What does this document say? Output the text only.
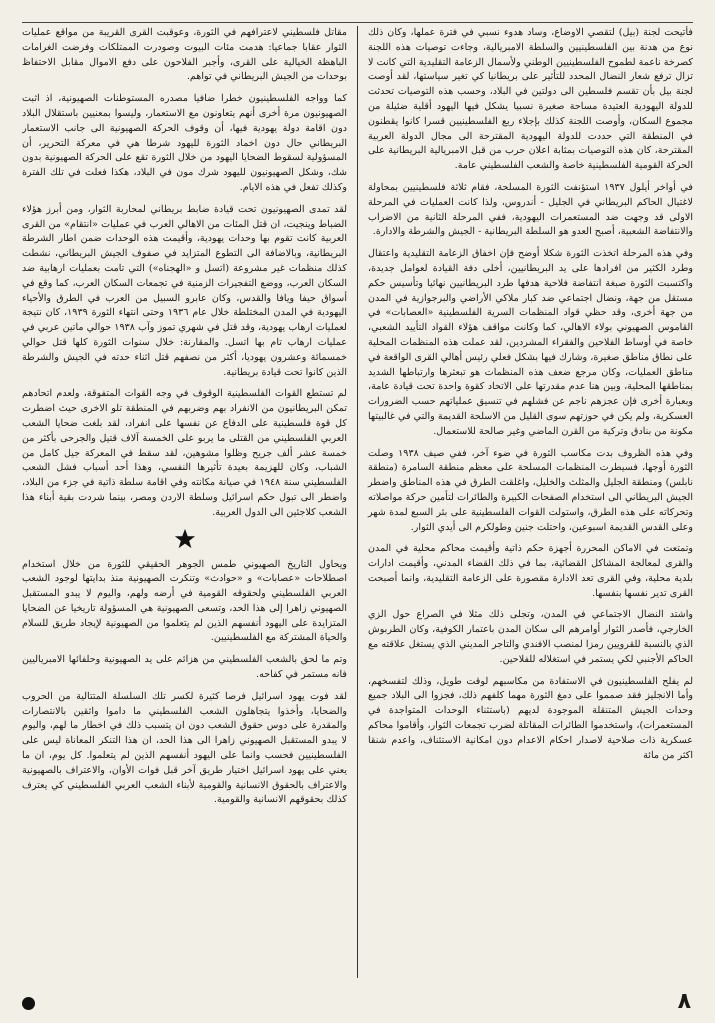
فأتيحت لجنة (بيل) لتقصي الاوضاع، وساد هدوء نسبي في فترة عملها، وكان ذلك نوع من هدنة بين الفلسطينيين والسلطة الامبريالية، وجاءت توصيات هذه اللجنة كصرخة ناعمة لطموح الفلسطينيين الوطني ولأسمال الزعامة التقليدية التي كانت لا تزال ترفع شعار النضال المحدد للتأثير على بريطانيا كي تغير سياستها، لقد أوصت لجنة بيل بأن تقسم فلسطين الى دولتين في البلاد، وحسب هذه التوصيات تحدثت للدولة اليهودية العتيدة مساحة صغيرة نسبيا يشكل فيها اليهود أقلية ضئيلة من مجموع السكان، وأوصت اللجنة كذلك بإجلاء ربع الفلسطينيين قسرا كانوا يقطنون في المنطقة التي حددت للدولة اليهودية المقترحة الى مجال الدولة العربية المقترحة، كان هذه التوصيات بمثابة اعلان حرب من قبل الامبريالية البريطانية على الحركة القومية الفلسطينية خاصة والشعب الفلسطيني عامة.

في أواخر أيلول ١٩٣٧ استؤنفت الثورة المسلحة، فقام ثلاثة فلسطينيين بمحاولة لاغتيال الحاكم البريطاني في الجليل - أندروس، ولذا كانت العمليات في المرحلة الاولى قد وجهت ضد المستعمرات اليهودية، ففي المرحلة الثانية من الاضراب والانتفاضة الشعبية، أصبح العدو هو السلطة البريطانية - الجيش والشرطة والادارة.

وفي هذه المرحلة اتخذت الثورة شكلا أوضح فإن اخفاق الزعامة التقليدية واعتقال وطرد الكثير من افرادها على يد البريطانيين، أخلى دفة القيادة لعوامل جديدة، واكتسبت الثورة صبغة انتفاضة فلاحية هدفها طرد البريطانيين نهائيا وتأسيس حكم مستقل من جهة، ونضال اجتماعي ضد كبار ملاكي الأراضي والبرجوازية في المدن من جهة أخرى، وقد حظي قواد المنظمات السرية الفلسطينية «العصابات» في القاموس الصهيوني بولاء الاهالي، كما وكانت مواقف هؤلاء القواد التأييد الشعبي، خاصة في أوساط الفلاحين والفقراء المشردين، لقد عملت هذه المنظمات المحلية على نطاق مناطق صغيرة، وشارك فيها بشكل فعلي رئيس أهالي القرى الواقعة في مناطق العمليات، وكان مرجع ضعف هذه المنظمات هو تبعثرها وارتباطها الشديد بمناطقها المحلية، وبين هنا عدم مقدرتها على الاتحاد كقوة واحدة تحت قيادة عامة، وبعبارة أخرى فإن عجزهم ناجم عن فشلهم في تنسيق عملياتهم حسب الضرورات العسكرية، ولم يكن في حوزتهم سوى القليل من الاسلحة القديمة والتي في غالبيتها مكونة من بنادق وتركية من القرن الماضي وغير صالحة للاستعمال.

وفي هذه الظروف بدت مكاسب الثورة في ضوء آخر، ففي صيف ١٩٣٨ وصلت الثورة أوجها، فسيطرت المنظمات المسلحة على معظم منطقة السامرة (منطقة نابلس) ومنطقة الجليل والمثلث والخليل، واغلقت الطرق في هذه المناطق واضطر الجيش البريطاني الى استخدام الصفحات الكبيرة والطائرات لتأمين حركة مواصلاته وتحركاته على هذه الطرق، واستولت القوات الفلسطينية على بئر السبع لمدة شهر وعلى القدس القديمة اسبوعين، واحتلت جنين وطولكرم الى أيدي الثوار.

وتمتعت في الاماكن المحررة أجهزة حكم ذاتية وأقيمت محاكم محلية في المدن والقرى لمعالجة المشاكل القضائية، بما في ذلك القضاء المدني، وأقيمت ادارات بلدية محلية، وفي القرى تعد الادارة مقصورة على الزعامة التقليدية، وانما أصبحت القرى تدير نفسها بنفسها.

واشتد النضال الاجتماعي في المدن، وتجلى ذلك مثلا في الصراع حول الزي الخارجي، فأصدر الثوار أوامرهم الى سكان المدن باعتمار الكوفية، وكان الطربوش الذي بالنسبة للقرويين رمزا لمنصب الافندي والتاجر المديني الذي يستغل علاقته مع الحاكم الأجنبي لكي يستمر في استغلاله للفلاحين.

لم يفلح الفلسطينيون في الاستفادة من مكاسبهم لوقت طويل، وذلك لتفسخهم، وأما الانجليز فقد صمموا على دمغ الثورة مهما كلفهم ذلك، فجزوا الى البلاد جميع وحدات الجيش المتنقلة الموجودة لديهم (باستثناء الوحدات المتواجدة في المستعمرات)، واستخدموا الطائرات المقاتلة لضرب تجمعات الثوار، وأقاموا محاكم عسكرية ذات صلاحية لاصدار احكام الاعدام دون امكانية الاستئناف، واعدم شنقا اكثر من مائة

مقاتل فلسطيني لاعترافهم في الثورة، وعوقبت القرى القريبة من مواقع عمليات الثوار عقابا جماعيا: هدمت مئات البيوت وصودرت الممتلكات وفرضت الغرامات الباهظة الخيالية على القرى، وأجبر الفلاحون على دفع الاموال مقابل الاحتفاظ بوحدات من الجيش البريطاني في تواهم.

كما وواجه الفلسطينيون خطرا ضافيا مصدره المستوطنات الصهيونية، اذ اثبت الصهيونيون مرة أخرى أنهم يتعاونون مع الاستعمار، وليسوا بمعنيين باستقلال البلاد دون اقامة دولة يهودية فيها، أن وقوف الحركة الصهيونية الى جانب الاستعمار البريطاني حال دون اخماد الثورة لليهود شرطا هي في معركة التحرير، أن المسؤولية لسقوط الضحايا اليهود من خلال الثورة تقع على الحركة الصهيونية بدون شك، وشكل الصهيونيون لليهود شرك مون في البلاد، هكذا فعلت في تلك الفترة وكذلك تفعل في هذه الايام.

لقد تمدى الصهيونيون تحت قيادة ضابط بريطاني لمحاربة الثوار، ومن أبرز هؤلاء الضباط وينجيت، ان قتل المئات من الاهالي العرب في عمليات «انتقام» من القرى العربية كانت تقوم بها وحدات يهودية، وأقيمت هذه الوحدات ضمن اطار الشرطة البريطانية، وبالاضافة الى التطوع المتزايد في صفوف الجيش البريطاني، نشطت كذلك منظمات غير مشروعة (اتسل و «الهجناه») التي تامت بعمليات ارهابية ضد السكان العرب، ووضع التفجيرات الزمنية في تجمعات السكان العرب، كما وقع في أسواق حيفا ويافا والقدس، وكان عابرو السبيل من العرب في الطرق والأحياء اليهودية في المدن المختلطة خلال عام ١٩٣٦ وحتى انتهاء الثورة ١٩٣٩، كان نتيجة لعمليات ارهاب يهودية، وقد قتل في شهري تموز وآب ١٩٣٨ حوالي ماتين عربي في عمليات ارهاب تام بها اتسل. والمقارنة: خلال سنوات الثورة كلها قتل حوالي خمسمائة وعشرون يهوديا، أكثر من نصفهم قتل اثناء حدته في الجيش والشرطة الذين كانوا تحت قيادة بريطانية.

لم تستطع القوات الفلسطينية الوقوف في وجه القوات المتفوقة، ولعدم اتحادهم تمكن البريطانيون من الانفراد بهم وضربهم في المنطقة تلو الاخرى حيث اضطرت كل قوة فلسطينية على الدفاع عن نفسها على انفراد، لقد بلغت ضحايا الشعب العربي الفلسطيني من القتلى ما يربو على الخمسة آلاف قتيل والجرحى بأكثر من خمسة عشر ألف جريح وظلوا مشوهين، لقد سقط في المعركة جيل كامل من الشباب، وكان للهزيمة بعيدة تأثيرها النفسي، وهذا أحد أسباب فشل الشعب الفلسطيني سنة ١٩٤٨ في صيانة مكانته وفي اقامة سلطة ذاتية في جزء من البلاد، واضطر الى تبول حكم اسرائيل وسلطة الاردن ومصر، بينما شردت بقية أبناء هذا الشعب كلاجئين الى الدول العربية.

ويحاول التاريخ الصهيوني طمس الجوهر الحقيقي للثورة من خلال استخدام اصطلاحات «عصابات» و «حوادث» وتنكرت الصهيونية منذ بدايتها لوجود الشعب العربي الفلسطيني ولحقوقه القومية في أرضه ولهم، واليوم لا يبدو المستقبل الصهيوني زاهرا إلى هذا الحد، وتسعى الصهيونية هي المسؤولة تاريخيا عن الضحايا المتزايدة على اليهود أنفسهم الذين لم يتعلموا من الصهيونية لإيجاد طريق للسلام والحياة المشتركة مع الفلسطينيين.

وتم ما لحق بالشعب الفلسطيني من هزائم على يد الصهيونية وحلفائها الامبرياليين فانه مستمر في كفاحه.

لقد فوت يهود اسرائيل فرصا كثيرة لكسر تلك السلسلة المتتالية من الحروب والضحايا، وأخذوا يتجاهلون الشعب الفلسطيني ما داموا واثقين بالانتصارات والمقدرة على دوس حقوق الشعب دون ان يتسبب ذلك في اخطار ما لهم، واليوم لا يبدو المستقبل الصهيوني زاهرا الى هذا الحد، ان هذا التنكر المعاناة ليس على الفلسطينيين فحسب وانما على اليهود أنفسهم الذين لم يتعلموا. كل يوم، ان ما يعني على يهود اسرائيل اختيار طريق آخر قبل فوات الأوان، والاعتراف بالصهيونية والاعتراف بالحقوق الانسانية والقومية لأبناء الشعب العربي الفلسطيني كي يعترف كذلك بحقوقهم الانسانية والقومية.

٨
